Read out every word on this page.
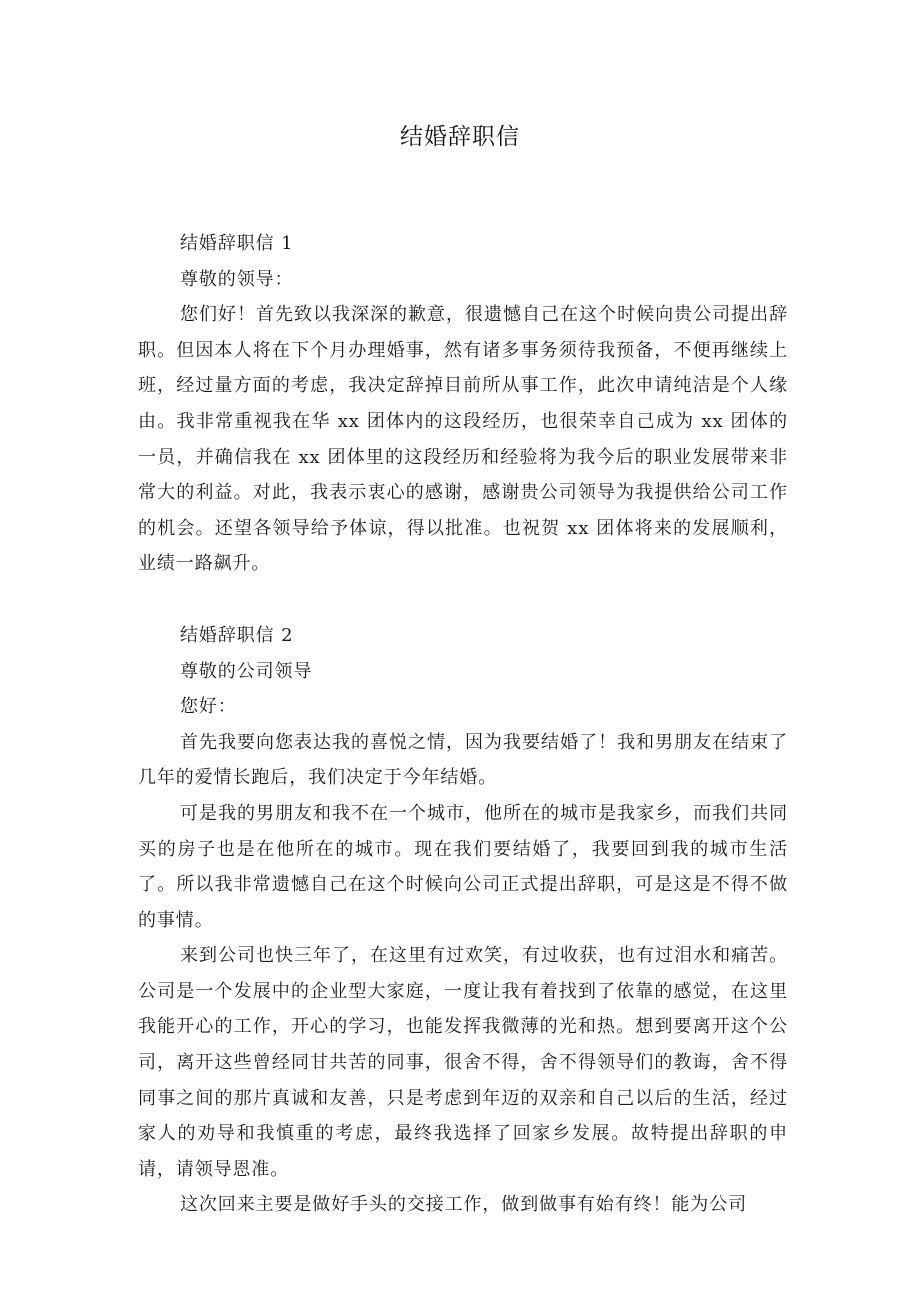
结婚辞职信

结婚辞职信 1

尊敬的领导：

您们好！首先致以我深深的歉意，很遗憾自己在这个时候向贵公司提出辞职。但因本人将在下个月办理婚事，然有诸多事务须待我预备，不便再继续上班，经过量方面的考虑，我决定辞掉目前所从事工作，此次申请纯洁是个人缘由。我非常重视我在华 xx 团体内的这段经历，也很荣幸自己成为 xx 团体的一员，并确信我在 xx 团体里的这段经历和经验将为我今后的职业发展带来非常大的利益。对此，我表示衷心的感谢，感谢贵公司领导为我提供给公司工作的机会。还望各领导给予体谅，得以批准。也祝贺 xx 团体将来的发展顺利，业绩一路飙升。

结婚辞职信 2

尊敬的公司领导

您好：

首先我要向您表达我的喜悦之情，因为我要结婚了！我和男朋友在结束了几年的爱情长跑后，我们决定于今年结婚。

可是我的男朋友和我不在一个城市，他所在的城市是我家乡，而我们共同买的房子也是在他所在的城市。现在我们要结婚了，我要回到我的城市生活了。所以我非常遗憾自己在这个时候向公司正式提出辞职，可是这是不得不做的事情。

来到公司也快三年了，在这里有过欢笑，有过收获，也有过泪水和痛苦。公司是一个发展中的企业型大家庭，一度让我有着找到了依靠的感觉，在这里我能开心的工作，开心的学习，也能发挥我微薄的光和热。想到要离开这个公司，离开这些曾经同甘共苦的同事，很舍不得，舍不得领导们的教诲，舍不得同事之间的那片真诚和友善，只是考虑到年迈的双亲和自己以后的生活，经过家人的劝导和我慎重的考虑，最终我选择了回家乡发展。故特提出辞职的申请，请领导恩准。

这次回来主要是做好手头的交接工作，做到做事有始有终！能为公司
